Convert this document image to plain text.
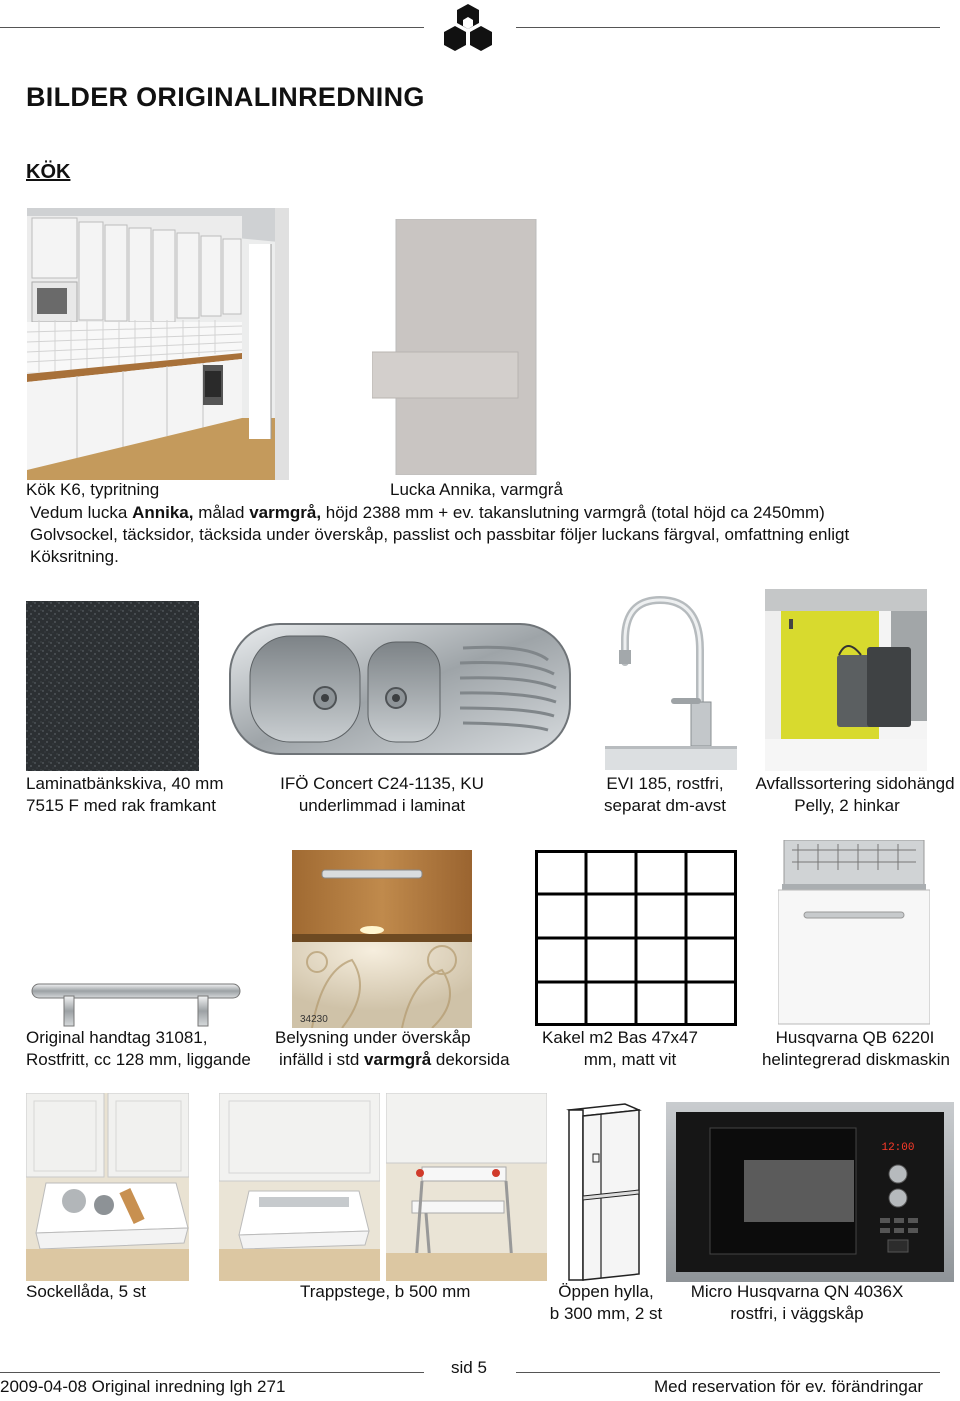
BILDER ORIGINALINREDNING
KÖK
Kök K6, typritning	Lucka Annika, varmgrå
Vedum lucka Annika, målad varmgrå, höjd 2388 mm + ev. takanslutning varmgrå (total höjd ca 2450mm)
Golvsockel, täcksidor, täcksida under överskåp, passlist och passbitar följer luckans färgval, omfattning enligt
Köksritning.
Laminatbänkskiva, 40 mm
7515 F med rak framkant
IFÖ Concert C24-1135, KU
underlimmad i laminat
EVI 185, rostfri,
separat dm-avst
Avfallssortering sidohängd
Pelly, 2 hinkar
34230
Original handtag 31081,
Rostfritt, cc 128 mm, liggande
Belysning under överskåp
infälld i std varmgrå dekorsida
Kakel m2 Bas 47x47
mm, matt vit
Husqvarna QB 6220I
helintegrerad diskmaskin
12:00
Sockellåda, 5 st	Trappstege, b 500 mm	Öppen hylla,
b 300 mm, 2 st
Micro Husqvarna QN 4036X
rostfri, i väggskåp
sid 5
2009-04-08 Original inredning lgh 271	Med reservation för ev. förändringar
